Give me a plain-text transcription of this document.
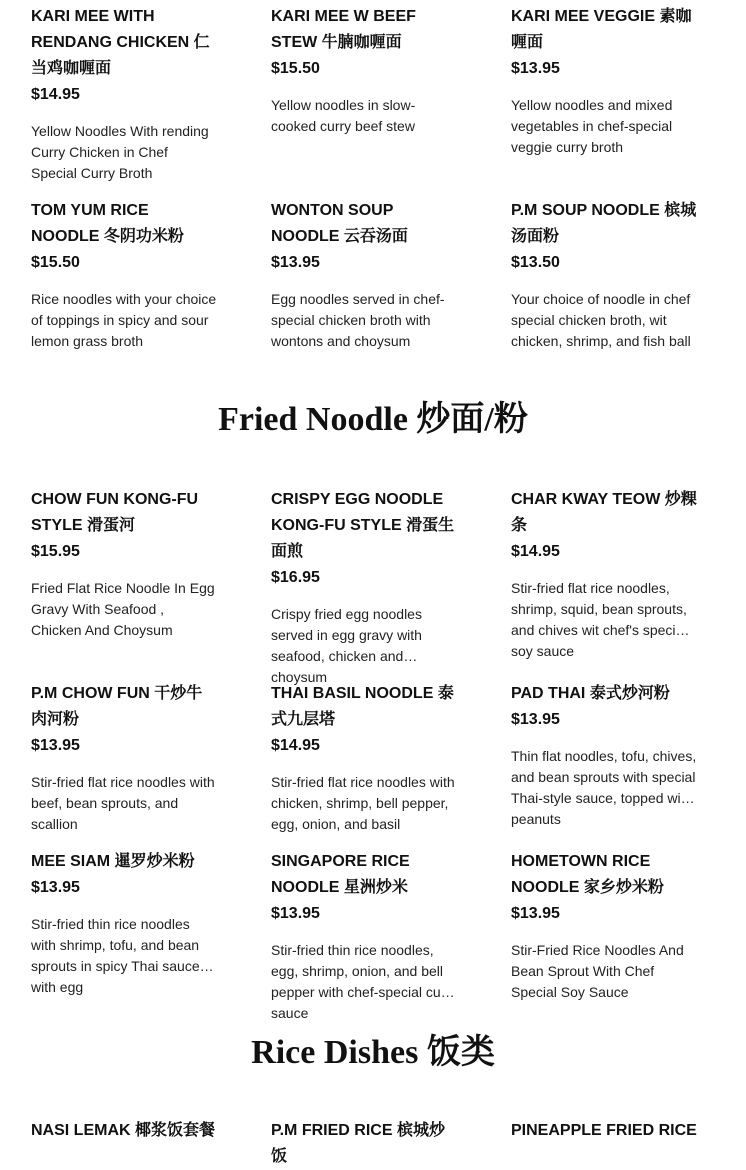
KARI MEE WITH RENDANG CHICKEN 仁当鸡咖喱面
$14.95
Yellow Noodles With rending Curry Chicken in Chef Special Curry Broth
KARI MEE W BEEF STEW 牛腩咖喱面
$15.50
Yellow noodles in slow-cooked curry beef stew
KARI MEE VEGGIE 素咖喱面
$13.95
Yellow noodles and mixed vegetables in chef-special veggie curry broth
TOM YUM RICE NOODLE 冬阴功米粉
$15.50
Rice noodles with your choice of toppings in spicy and sour lemon grass broth
WONTON SOUP NOODLE 云吞汤面
$13.95
Egg noodles served in chef-special chicken broth with wontons and choysum
P.M SOUP NOODLE 槟城汤面粉
$13.50
Your choice of noodle in chef special chicken broth, wit chicken, shrimp, and fish ball
Fried Noodle 炒面/粉
CHOW FUN KONG-FU STYLE 滑蛋河
$15.95
Fried Flat Rice Noodle In Egg Gravy With Seafood , Chicken And Choysum
CRISPY EGG NOODLE KONG-FU STYLE 滑蛋生面煎
$16.95
Crispy fried egg noodles served in egg gravy with seafood, chicken and choysum
CHAR KWAY TEOW 炒粿条
$14.95
Stir-fried flat rice noodles, shrimp, squid, bean sprouts, and chives wit chef's special soy sauce
P.M CHOW FUN 干炒牛肉河粉
$13.95
Stir-fried flat rice noodles with beef, bean sprouts, and scallion
THAI BASIL NOODLE 泰式九层塔
$14.95
Stir-fried flat rice noodles with chicken, shrimp, bell pepper, egg, onion, and basil
PAD THAI 泰式炒河粉
$13.95
Thin flat noodles, tofu, chives, and bean sprouts with special Thai-style sauce, topped with peanuts
MEE SIAM 暹罗炒米粉
$13.95
Stir-fried thin rice noodles with shrimp, tofu, and bean sprouts in spicy Thai sauce with egg
SINGAPORE RICE NOODLE 星洲炒米
$13.95
Stir-fried thin rice noodles, egg, shrimp, onion, and bell pepper with chef-special curry sauce
HOMETOWN RICE NOODLE 家乡炒米粉
$13.95
Stir-Fried Rice Noodles And Bean Sprout With Chef Special Soy Sauce
Rice Dishes 饭类
NASI LEMAK 椰浆饭套餐	P.M FRIED RICE 槟城炒饭
PINEAPPLE FRIED RICE
